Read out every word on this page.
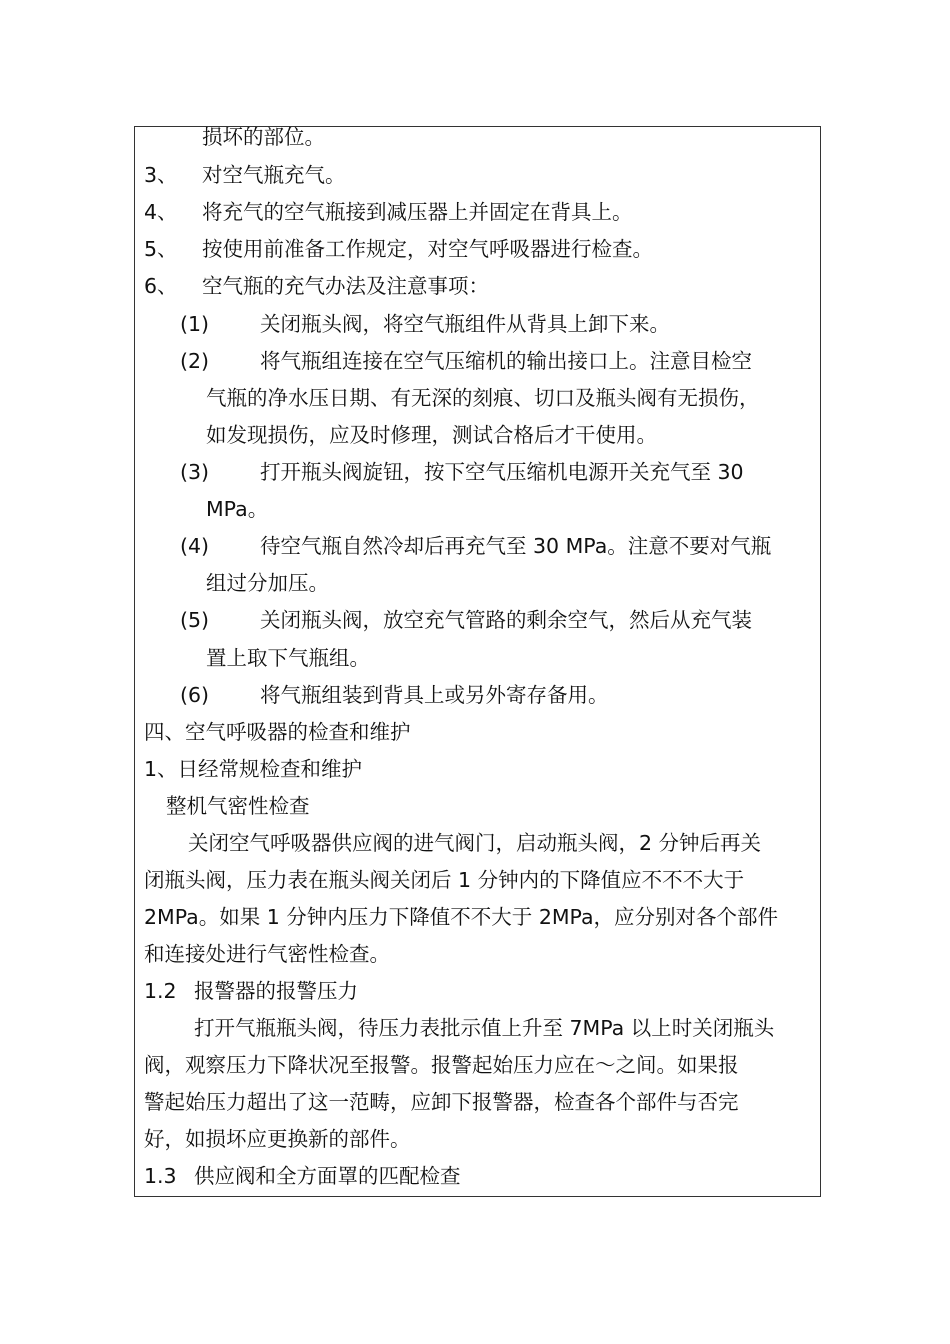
损坏的部位。
3、 对空气瓶充气。
4、 将充气的空气瓶接到减压器上并固定在背具上。
5、 按使用前准备工作规定，对空气呼吸器进行检查。
6、 空气瓶的充气办法及注意事项：
(1) 关闭瓶头阀，将空气瓶组件从背具上卸下来。
(2) 将气瓶组连接在空气压缩机的输出接口上。注意目检空
气瓶的净水压日期、有无深的刻痕、切口及瓶头阀有无损伤，
如发现损伤，应及时修理，测试合格后才干使用。
(3) 打开瓶头阀旋钮，按下空气压缩机电源开关充气至 30
MPa。
(4) 待空气瓶自然冷却后再充气至 30 MPa。注意不要对气瓶
组过分加压。
(5) 关闭瓶头阀，放空充气管路的剩余空气，然后从充气装
置上取下气瓶组。
(6) 将气瓶组装到背具上或另外寄存备用。
四、空气呼吸器的检查和维护
1、日经常规检查和维护
整机气密性检查
关闭空气呼吸器供应阀的进气阀门，启动瓶头阀，2 分钟后再关
闭瓶头阀，压力表在瓶头阀关闭后 1 分钟内的下降值应不不不大于
2MPa。如果 1 分钟内压力下降值不不大于 2MPa，应分别对各个部件
和连接处进行气密性检查。
1.2 报警器的报警压力
打开气瓶瓶头阀，待压力表批示值上升至 7MPa 以上时关闭瓶头
阀，观察压力下降状况至报警。报警起始压力应在～之间。如果报
警起始压力超出了这一范畴，应卸下报警器，检查各个部件与否完
好，如损坏应更换新的部件。
1.3 供应阀和全方面罩的匹配检查
